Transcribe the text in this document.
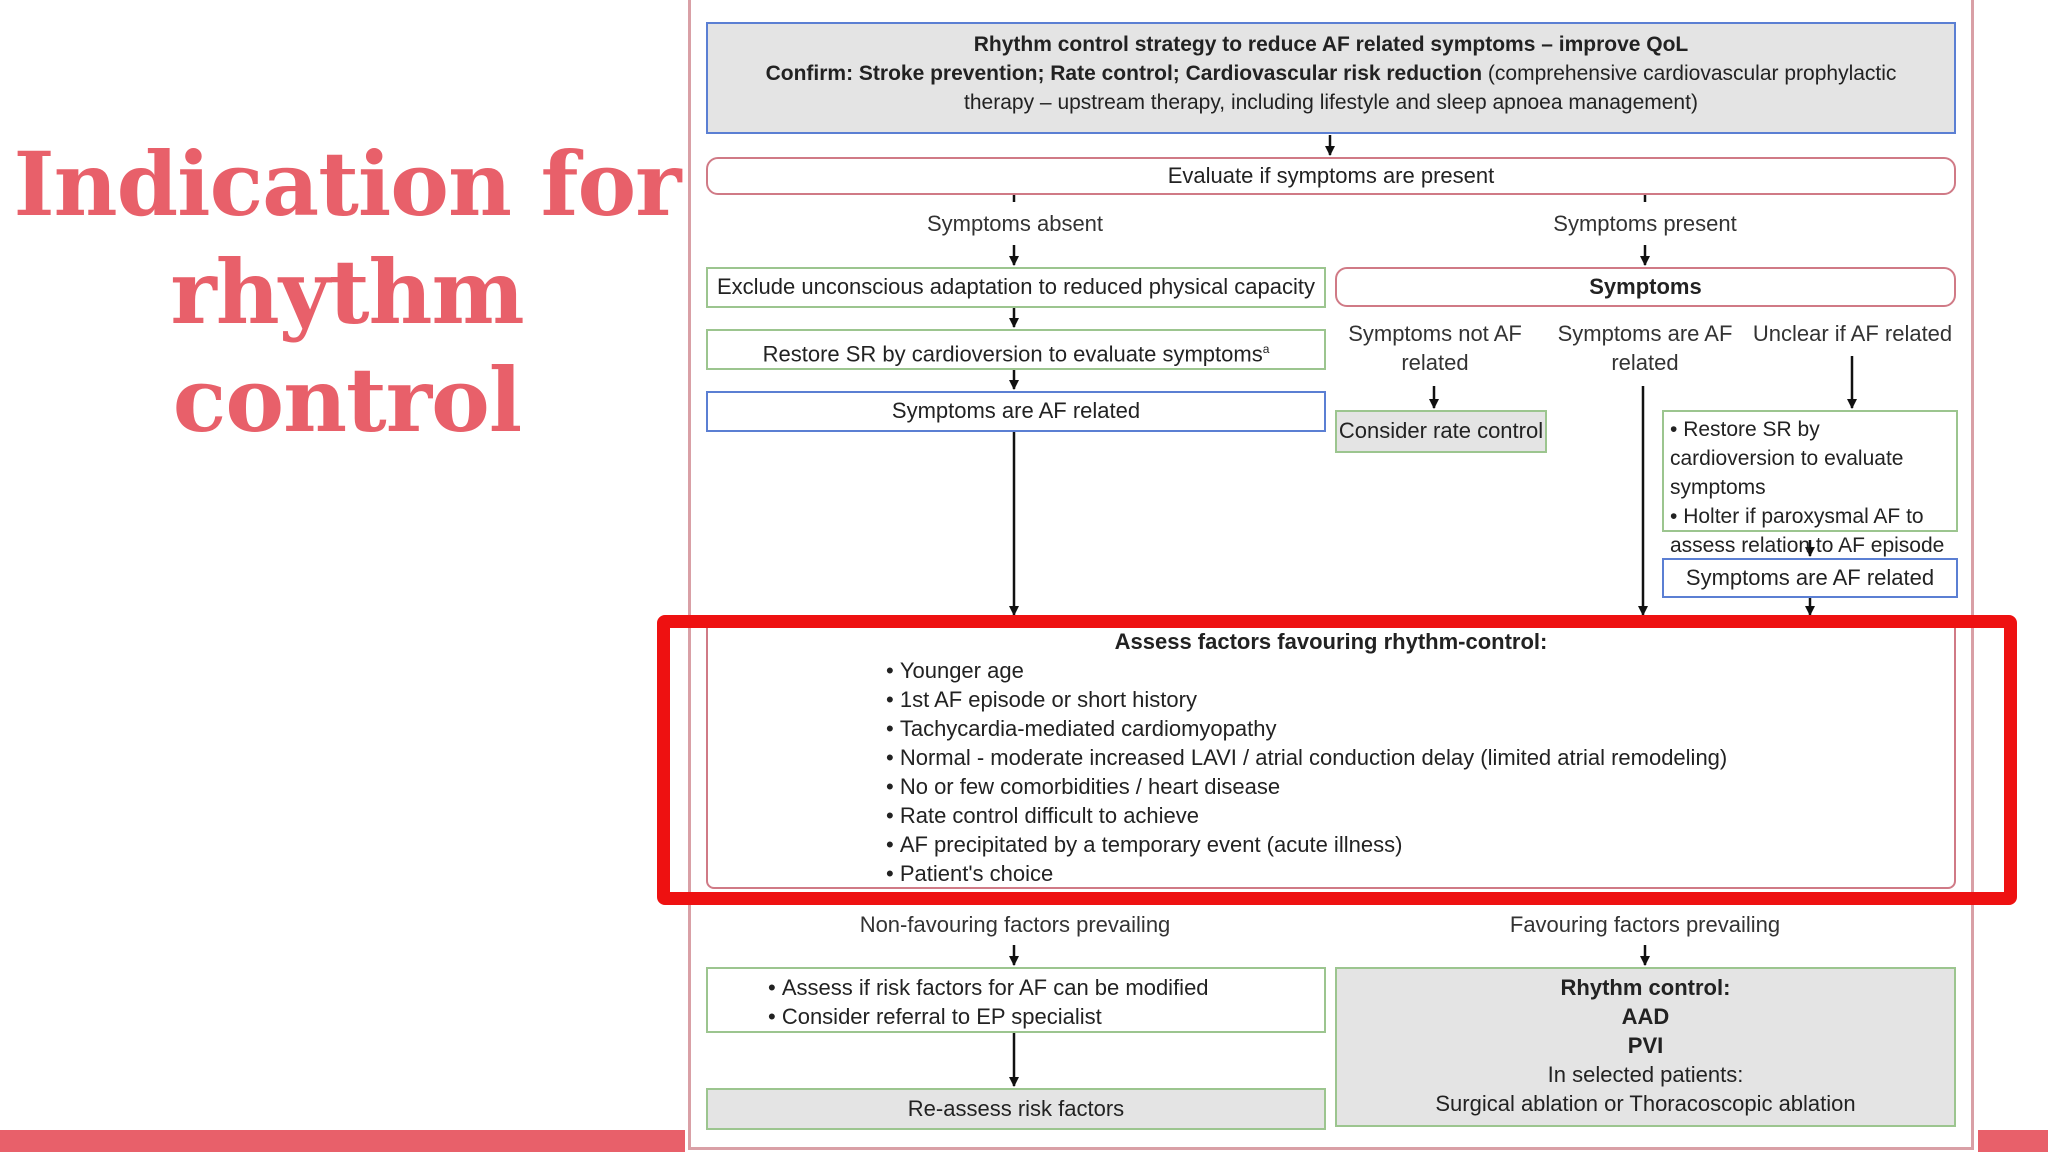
Indication for
rhythm control
Rhythm control strategy to reduce AF related symptoms – improve QoL
Confirm: Stroke prevention; Rate control; Cardiovascular risk reduction (comprehensive cardiovascular prophylactic therapy – upstream therapy, including lifestyle and sleep apnoea management)
Evaluate if symptoms are present
Symptoms absent	Symptoms present
Exclude unconscious adaptation to reduced physical capacity
Restore SR by cardioversion to evaluate symptoms$^a$
Symptoms are AF related
Symptoms
Symptoms not AF related
Symptoms are AF related
Unclear if AF related
Consider rate control
•	Restore SR by cardioversion to evaluate symptoms
• Holter if paroxysmal AF to assess relation to AF episode
Symptoms are AF related
Assess factors favouring rhythm-control:
• Younger age
• 1st AF episode or short history
• Tachycardia-mediated cardiomyopathy
• Normal - moderate increased LAVI / atrial conduction delay (limited atrial remodeling)
• No or few comorbidities / heart disease
• Rate control difficult to achieve
• AF precipitated by a temporary event (acute illness)
• Patient's choice
Non-favouring factors prevailing	Favouring factors prevailing
• Assess if risk factors for AF can be modified
• Consider referral to EP specialist
Re-assess risk factors
Rhythm control:
AAD
PVI
In selected patients:
Surgical ablation or Thoracoscopic ablation
